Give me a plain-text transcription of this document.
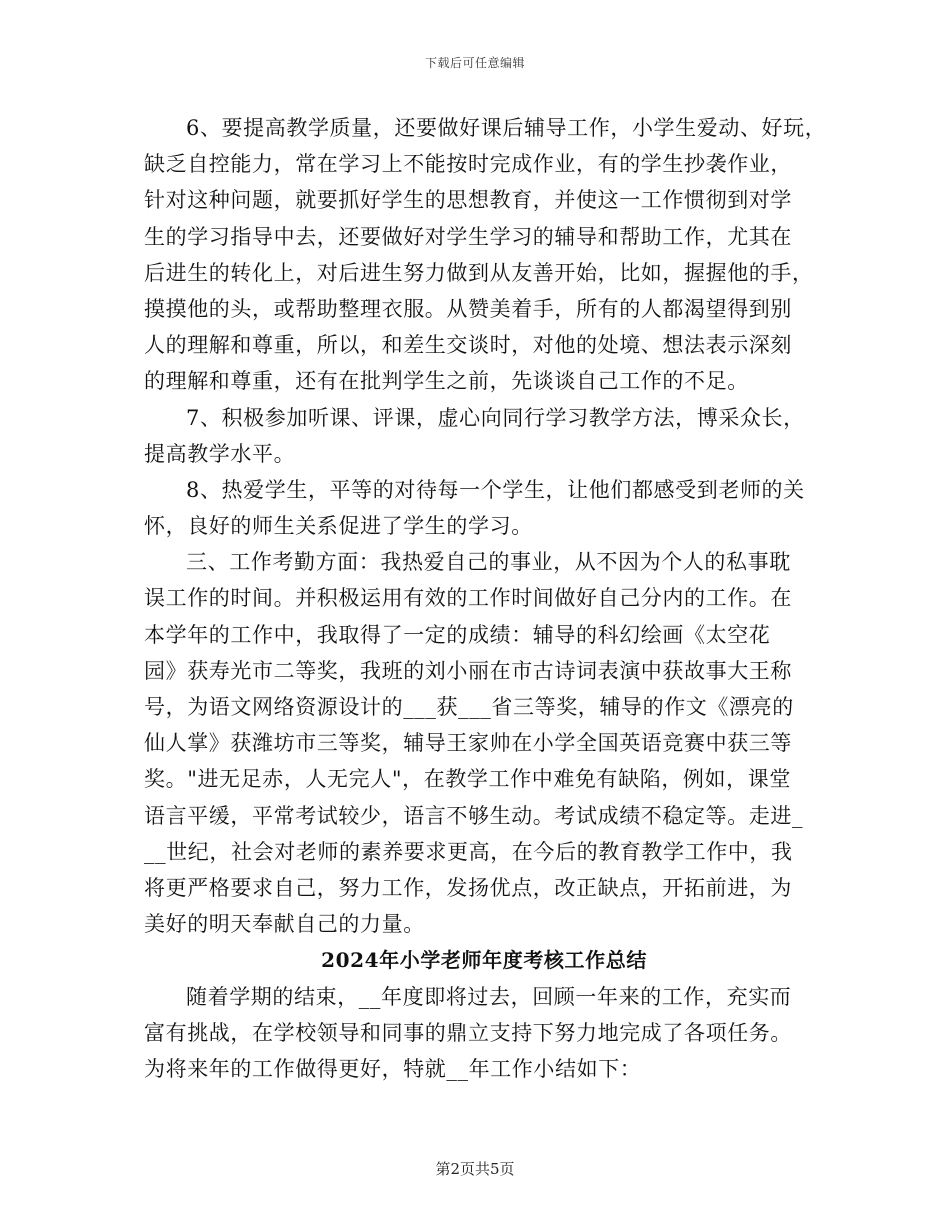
下载后可任意编辑
6、要提高教学质量，还要做好课后辅导工作，小学生爱动、好玩，
缺乏自控能力，常在学习上不能按时完成作业，有的学生抄袭作业，
针对这种问题，就要抓好学生的思想教育，并使这一工作惯彻到对学
生的学习指导中去，还要做好对学生学习的辅导和帮助工作，尤其在
后进生的转化上，对后进生努力做到从友善开始，比如，握握他的手，
摸摸他的头，或帮助整理衣服。从赞美着手，所有的人都渴望得到别
人的理解和尊重，所以，和差生交谈时，对他的处境、想法表示深刻
的理解和尊重，还有在批判学生之前，先谈谈自己工作的不足。
7、积极参加听课、评课，虚心向同行学习教学方法，博采众长，
提高教学水平。
8、热爱学生，平等的对待每一个学生，让他们都感受到老师的关
怀，良好的师生关系促进了学生的学习。
三、工作考勤方面：我热爱自己的事业，从不因为个人的私事耽
误工作的时间。并积极运用有效的工作时间做好自己分内的工作。在
本学年的工作中，我取得了一定的成绩：辅导的科幻绘画《太空花
园》获寿光市二等奖，我班的刘小丽在市古诗词表演中获故事大王称
号，为语文网络资源设计的___获___省三等奖，辅导的作文《漂亮的
仙人掌》获潍坊市三等奖，辅导王家帅在小学全国英语竞赛中获三等
奖。"进无足赤，人无完人"，在教学工作中难免有缺陷，例如，课堂
语言平缓，平常考试较少，语言不够生动。考试成绩不稳定等。走进_
__世纪，社会对老师的素养要求更高，在今后的教育教学工作中，我
将更严格要求自己，努力工作，发扬优点，改正缺点，开拓前进，为
美好的明天奉献自己的力量。
2024年小学老师年度考核工作总结
随着学期的结束，__年度即将过去，回顾一年来的工作，充实而
富有挑战，在学校领导和同事的鼎立支持下努力地完成了各项任务。
为将来年的工作做得更好，特就__年工作小结如下：
第2页共5页
